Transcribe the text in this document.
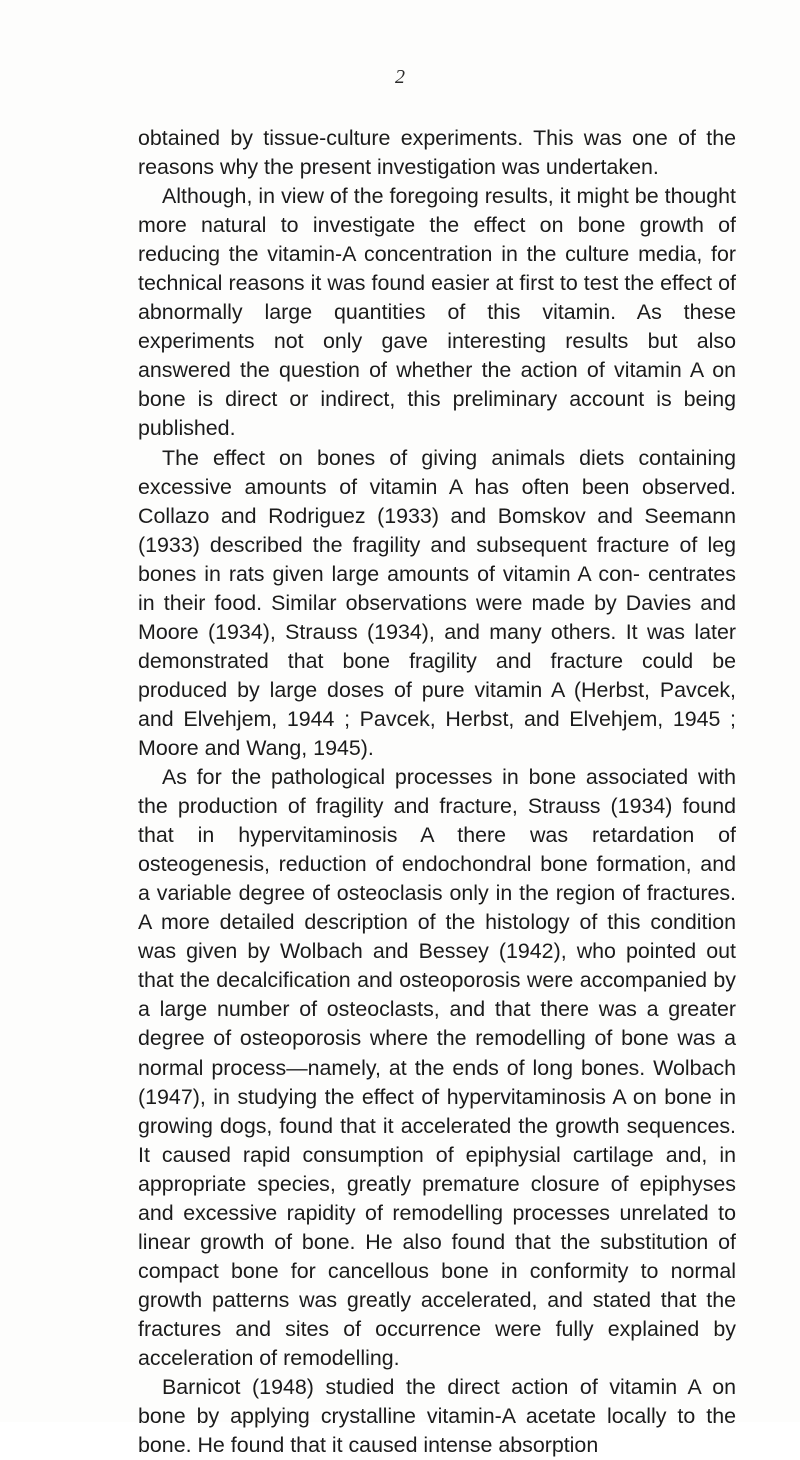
2

obtained by tissue-culture experiments. This was one of the reasons why the present investigation was undertaken.

Although, in view of the foregoing results, it might be thought more natural to investigate the effect on bone growth of reducing the vitamin-A concentration in the culture media, for technical reasons it was found easier at first to test the effect of abnormally large quantities of this vitamin. As these experiments not only gave interesting results but also answered the question of whether the action of vitamin A on bone is direct or indirect, this preliminary account is being published.

The effect on bones of giving animals diets containing excessive amounts of vitamin A has often been observed. Collazo and Rodriguez (1933) and Bomskov and Seemann (1933) described the fragility and subsequent fracture of leg bones in rats given large amounts of vitamin A con- centrates in their food. Similar observations were made by Davies and Moore (1934), Strauss (1934), and many others. It was later demonstrated that bone fragility and fracture could be produced by large doses of pure vitamin A (Herbst, Pavcek, and Elvehjem, 1944 ; Pavcek, Herbst, and Elvehjem, 1945 ; Moore and Wang, 1945).

As for the pathological processes in bone associated with the production of fragility and fracture, Strauss (1934) found that in hypervitaminosis A there was retardation of osteogenesis, reduction of endochondral bone formation, and a variable degree of osteoclasis only in the region of fractures. A more detailed description of the histology of this condition was given by Wolbach and Bessey (1942), who pointed out that the decalcification and osteoporosis were accompanied by a large number of osteoclasts, and that there was a greater degree of osteoporosis where the remodelling of bone was a normal process—namely, at the ends of long bones. Wolbach (1947), in studying the effect of hypervitaminosis A on bone in growing dogs, found that it accelerated the growth sequences. It caused rapid consumption of epiphysial cartilage and, in appropriate species, greatly premature closure of epiphyses and excessive rapidity of remodelling processes unrelated to linear growth of bone. He also found that the substitution of compact bone for cancellous bone in conformity to normal growth patterns was greatly accelerated, and stated that the fractures and sites of occurrence were fully explained by acceleration of remodelling.

Barnicot (1948) studied the direct action of vitamin A on bone by applying crystalline vitamin-A acetate locally to the bone. He found that it caused intense absorption
